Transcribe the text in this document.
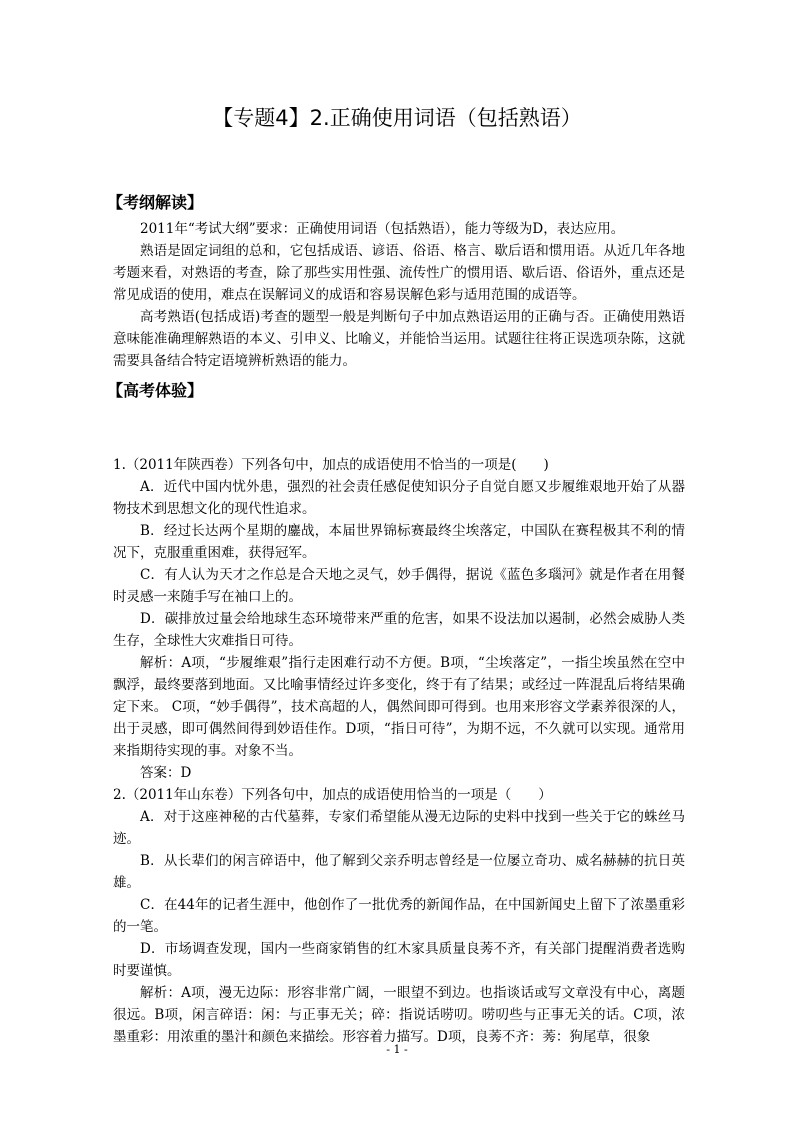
【专题4】2.正确使用词语（包括熟语）
【考纲解读】

2011年“考试大纲”要求：正确使用词语（包括熟语），能力等级为D，表达应用。

熟语是固定词组的总和，它包括成语、谚语、俗语、格言、歇后语和惯用语。从近几年各地考题来看，对熟语的考查，除了那些实用性强、流传性广的惯用语、歇后语、俗语外，重点还是常见成语的使用，难点在误解词义的成语和容易误解色彩与适用范围的成语等。

高考熟语(包括成语)考查的题型一般是判断句子中加点熟语运用的正确与否。正确使用熟语意味能准确理解熟语的本义、引申义、比喻义，并能恰当运用。试题往往将正误选项杂陈，这就需要具备结合特定语境辨析熟语的能力。

【高考体验】

1.（2011年陕西卷）下列各句中，加点的成语使用不恰当的一项是(　　)

A．近代中国内忧外患，强烈的社会责任感促使知识分子自觉自愿又步履维艰地开始了从器物技术到思想文化的现代性追求。

B．经过长达两个星期的鏖战，本届世界锦标赛最终尘埃落定，中国队在赛程极其不利的情况下，克服重重困难，获得冠军。

C．有人认为天才之作总是合天地之灵气，妙手偶得，据说《蓝色多瑙河》就是作者在用餐时灵感一来随手写在袖口上的。

D．碳排放过量会给地球生态环境带来严重的危害，如果不设法加以遏制，必然会威胁人类生存，全球性大灾难指日可待。

解析：A项，“步履维艰”指行走困难行动不方便。B项，“尘埃落定”，一指尘埃虽然在空中飘浮，最终要落到地面。又比喻事情经过许多变化，终于有了结果；或经过一阵混乱后将结果确定下来。 C项，“妙手偶得”，技术高超的人，偶然间即可得到。也用来形容文学素养很深的人，出于灵感，即可偶然间得到妙语佳作。D项，“指日可待”，为期不远，不久就可以实现。通常用来指期待实现的事。对象不当。

答案：D

2.（2011年山东卷）下列各句中，加点的成语使用恰当的一项是（　　）

A．对于这座神秘的古代墓葬，专家们希望能从漫无边际的史料中找到一些关于它的蛛丝马迹。

B．从长辈们的闲言碎语中，他了解到父亲乔明志曾经是一位屡立奇功、威名赫赫的抗日英雄。

C．在44年的记者生涯中，他创作了一批优秀的新闻作品，在中国新闻史上留下了浓墨重彩的一笔。

D．市场调查发现，国内一些商家销售的红木家具质量良莠不齐，有关部门提醒消费者选购时要谨慎。

解析：A项，漫无边际：形容非常广阔，一眼望不到边。也指谈话或写文章没有中心，离题很远。B项，闲言碎语：闲：与正事无关；碎：指说话唠叨。唠叨些与正事无关的话。C项，浓墨重彩：用浓重的墨汁和颜色来描绘。形容着力描写。D项，良莠不齐：莠：狗尾草，很象

- 1 -
